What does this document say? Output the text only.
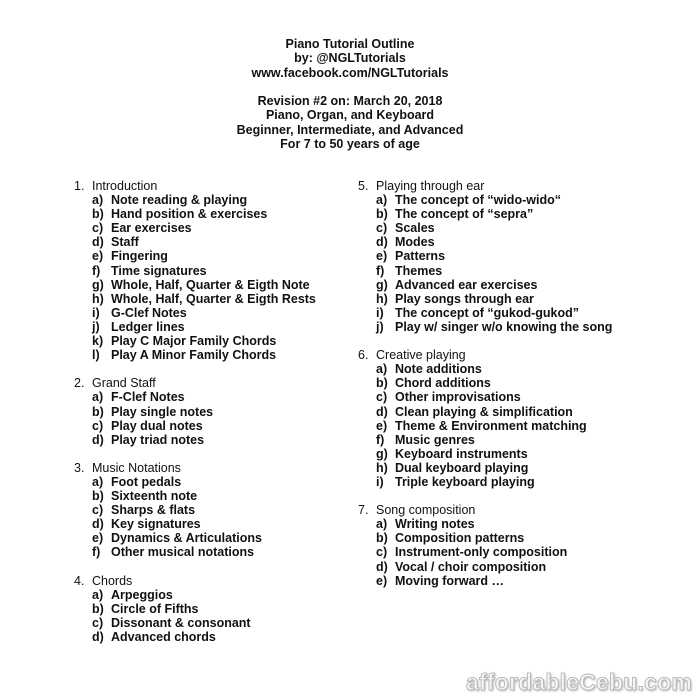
Piano Tutorial Outline
by: @NGLTutorials
www.facebook.com/NGLTutorials
Revision #2 on: March 20, 2018
Piano, Organ, and Keyboard
Beginner, Intermediate, and Advanced
For 7 to 50 years of age
1. Introduction
a) Note reading & playing
b) Hand position & exercises
c) Ear exercises
d) Staff
e) Fingering
f) Time signatures
g) Whole, Half, Quarter & Eigth Note
h) Whole, Half, Quarter & Eigth Rests
i) G-Clef Notes
j) Ledger lines
k) Play C Major Family Chords
l) Play A Minor Family Chords
2. Grand Staff
a) F-Clef Notes
b) Play single notes
c) Play dual notes
d) Play triad notes
3. Music Notations
a) Foot pedals
b) Sixteenth note
c) Sharps & flats
d) Key signatures
e) Dynamics & Articulations
f) Other musical notations
4. Chords
a) Arpeggios
b) Circle of Fifths
c) Dissonant & consonant
d) Advanced chords
5. Playing through ear
a) The concept of “wido-wido“
b) The concept of “sepra”
c) Scales
d) Modes
e) Patterns
f) Themes
g) Advanced ear exercises
h) Play songs through ear
i) The concept of “gukod-gukod”
j) Play w/ singer w/o knowing the song
6. Creative playing
a) Note additions
b) Chord additions
c) Other improvisations
d) Clean playing & simplification
e) Theme & Environment matching
f) Music genres
g) Keyboard instruments
h) Dual keyboard playing
i) Triple keyboard playing
7. Song composition
a) Writing notes
b) Composition patterns
c) Instrument-only composition
d) Vocal / choir composition
e) Moving forward …
affordableCebu.com
